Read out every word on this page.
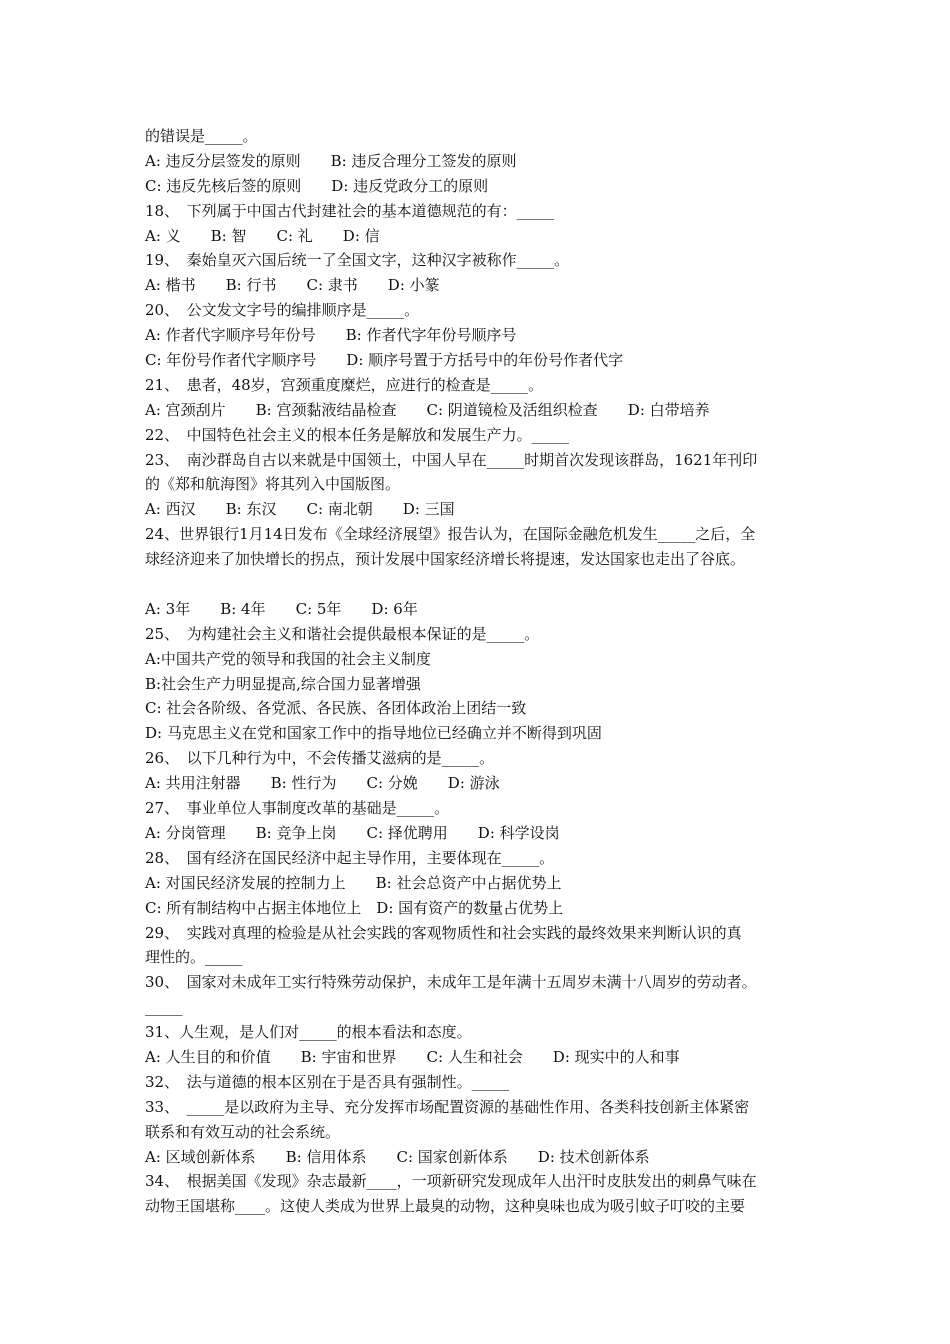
的错误是_____。
A: 违反分层签发的原则　　B: 违反合理分工签发的原则
C: 违反先核后签的原则　　D: 违反党政分工的原则
18、　下列属于中国古代封建社会的基本道德规范的有：_____
A: 义　　B: 智　　C: 礼　　D: 信
19、　秦始皇灭六国后统一了全国文字，这种汉字被称作_____。
A: 楷书　　B: 行书　　C: 隶书　　D: 小篆
20、　公文发文字号的编排顺序是_____。
A: 作者代字顺序号年份号　　B: 作者代字年份号顺序号
C: 年份号作者代字顺序号　　D: 顺序号置于方括号中的年份号作者代字
21、　患者，48岁，宫颈重度糜烂，应进行的检查是_____。
A: 宫颈刮片　　B: 宫颈黏液结晶检查　　C: 阴道镜检及活组织检查　　D: 白带培养
22、　中国特色社会主义的根本任务是解放和发展生产力。_____
23、　南沙群岛自古以来就是中国领土，中国人早在_____时期首次发现该群岛，1621年刊印
的《郑和航海图》将其列入中国版图。
A: 西汉　　B: 东汉　　C: 南北朝　　D: 三国
24、世界银行1月14日发布《全球经济展望》报告认为，在国际金融危机发生_____之后，全
球经济迎来了加快增长的拐点，预计发展中国家经济增长将提速，发达国家也走出了谷底。
A: 3年　　B: 4年　　C: 5年　　D: 6年
25、　为构建社会主义和谐社会提供最根本保证的是_____。
A:中国共产党的领导和我国的社会主义制度
B:社会生产力明显提高,综合国力显著增强
C: 社会各阶级、各党派、各民族、各团体政治上团结一致
D: 马克思主义在党和国家工作中的指导地位已经确立并不断得到巩固
26、　以下几种行为中，不会传播艾滋病的是_____。
A: 共用注射器　　B: 性行为　　C: 分娩　　D: 游泳
27、　事业单位人事制度改革的基础是_____。
A: 分岗管理　　B: 竞争上岗　　C: 择优聘用　　D: 科学设岗
28、　国有经济在国民经济中起主导作用，主要体现在_____。
A: 对国民经济发展的控制力上　　B: 社会总资产中占据优势上
C: 所有制结构中占据主体地位上　D: 国有资产的数量占优势上
29、　实践对真理的检验是从社会实践的客观物质性和社会实践的最终效果来判断认识的真
理性的。_____
30、　国家对未成年工实行特殊劳动保护，未成年工是年满十五周岁未满十八周岁的劳动者。
_____
31、人生观，是人们对_____的根本看法和态度。
A: 人生目的和价值　　B: 宇宙和世界　　C: 人生和社会　　D: 现实中的人和事
32、　法与道德的根本区别在于是否具有强制性。_____
33、　_____是以政府为主导、充分发挥市场配置资源的基础性作用、各类科技创新主体紧密
联系和有效互动的社会系统。
A: 区域创新体系　　B: 信用体系　　C: 国家创新体系　　D: 技术创新体系
34、　根据美国《发现》杂志最新____，一项新研究发现成年人出汗时皮肤发出的刺鼻气味在
动物王国堪称____。这使人类成为世界上最臭的动物，这种臭味也成为吸引蚊子叮咬的主要
